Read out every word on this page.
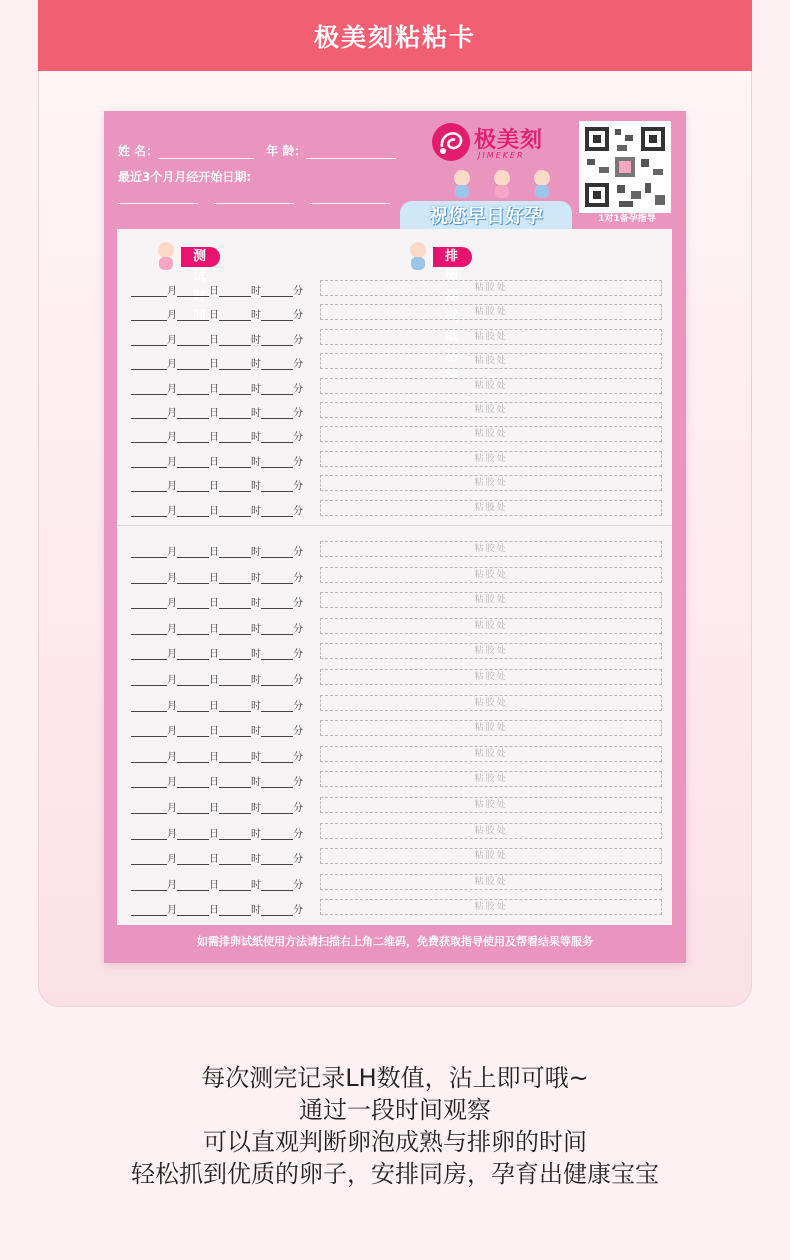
极美刻粘粘卡
姓 名：	年 龄：
最近3个月月经开始日期:
极美刻
JIMEKER
祝您早日好孕	1对1备孕指导
测试时间
排卵测试纸粘贴
月	日	时	分	粘胶处
月	日	时	分	粘胶处
月	日	时	分	粘胶处
月	日	时	分	粘胶处
月	日	时	分	粘胶处
月	日	时	分	粘胶处
月	日	时	分	粘胶处
月	日	时	分	粘胶处
月	日	时	分	粘胶处
月	日	时	分	粘胶处
月	日	时	分	粘胶处
月	日	时	分	粘胶处
月	日	时	分	粘胶处
月	日	时	分	粘胶处
月	日	时	分	粘胶处
月	日	时	分	粘胶处
月	日	时	分	粘胶处
月	日	时	分	粘胶处
月	日	时	分	粘胶处
月	日	时	分	粘胶处
月	日	时	分	粘胶处
月	日	时	分	粘胶处
月	日	时	分	粘胶处
月	日	时	分	粘胶处
月	日	时	分	粘胶处
如需排卵试纸使用方法请扫描右上角二维码，免费获取指导使用及帮看结果等服务
每次测完记录LH数值，沾上即可哦~
通过一段时间观察
可以直观判断卵泡成熟与排卵的时间
轻松抓到优质的卵子，安排同房，孕育出健康宝宝
